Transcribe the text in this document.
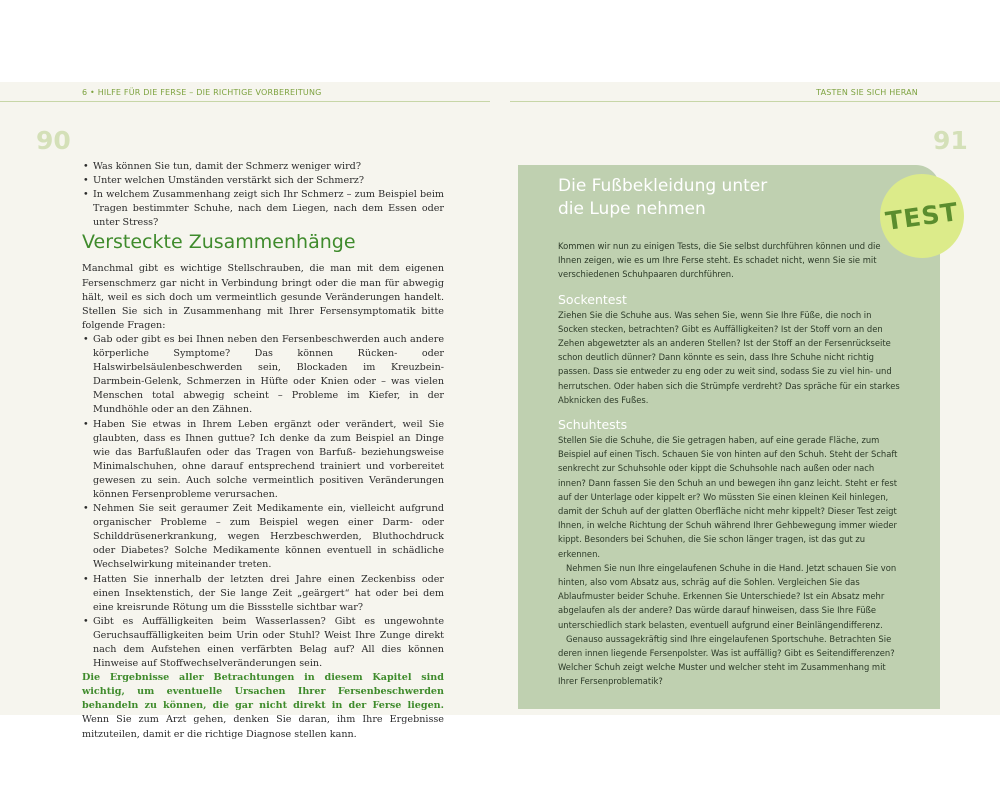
6 • HILFE FÜR DIE FERSE – DIE RICHTIGE VORBEREITUNG	TASTEN SIE SICH HERAN
90	91
• Was können Sie tun, damit der Schmerz weniger wird?
• Unter welchen Umständen verstärkt sich der Schmerz?
• In welchem Zusammenhang zeigt sich Ihr Schmerz – zum Beispiel beim Tragen bestimmter Schuhe, nach dem Liegen, nach dem Essen oder unter Stress?
Versteckte Zusammenhänge

Manchmal gibt es wichtige Stellschrauben, die man mit dem eigenen Fersenschmerz gar nicht in Verbindung bringt oder die man für abwegig hält, weil es sich doch um vermeintlich gesunde Veränderungen handelt. Stellen Sie sich in Zusammenhang mit Ihrer Fersensymptomatik bitte folgende Fragen:

• Gab oder gibt es bei Ihnen neben den Fersenbeschwerden auch andere körperliche Symptome? Das können Rücken- oder Halswirbelsäulenbeschwerden sein, Blockaden im Kreuzbein-Darmbein-Gelenk, Schmerzen in Hüfte oder Knien oder – was vielen Menschen total abwegig scheint – Probleme im Kiefer, in der Mundhöhle oder an den Zähnen.
• Haben Sie etwas in Ihrem Leben ergänzt oder verändert, weil Sie glaubten, dass es Ihnen guttue? Ich denke da zum Beispiel an Dinge wie das Barfußlaufen oder das Tragen von Barfuß- beziehungsweise Minimalschuhen, ohne darauf entsprechend trainiert und vorbereitet gewesen zu sein. Auch solche vermeintlich positiven Veränderungen können Fersenprobleme verursachen.
• Nehmen Sie seit geraumer Zeit Medikamente ein, vielleicht aufgrund organischer Probleme – zum Beispiel wegen einer Darm- oder Schilddrüsenerkrankung, wegen Herzbeschwerden, Bluthochdruck oder Diabetes? Solche Medikamente können eventuell in schädliche Wechselwirkung miteinander treten.
• Hatten Sie innerhalb der letzten drei Jahre einen Zeckenbiss oder einen Insektenstich, der Sie lange Zeit „geärgert“ hat oder bei dem eine kreisrunde Rötung um die Bissstelle sichtbar war?
• Gibt es Auffälligkeiten beim Wasserlassen? Gibt es ungewohnte Geruchsauffälligkeiten beim Urin oder Stuhl? Weist Ihre Zunge direkt nach dem Aufstehen einen verfärbten Belag auf? All dies können Hinweise auf Stoffwechselveränderungen sein.

Die Ergebnisse aller Betrachtungen in diesem Kapitel sind wichtig, um eventuelle Ursachen Ihrer Fersenbeschwerden behandeln zu können, die gar nicht direkt in der Ferse liegen. Wenn Sie zum Arzt gehen, denken Sie daran, ihm Ihre Ergebnisse mitzuteilen, damit er die richtige Diagnose stellen kann.

Die Fußbekleidung unter
die Lupe nehmen

Kommen wir nun zu einigen Tests, die Sie selbst durchführen können und die Ihnen zeigen, wie es um Ihre Ferse steht. Es schadet nicht, wenn Sie sie mit verschiedenen Schuhpaaren durchführen.

Sockentest

Ziehen Sie die Schuhe aus. Was sehen Sie, wenn Sie Ihre Füße, die noch in Socken stecken, betrachten? Gibt es Auffälligkeiten? Ist der Stoff vorn an den Zehen abgewetzter als an anderen Stellen? Ist der Stoff an der Fersenrückseite schon deutlich dünner? Dann könnte es sein, dass Ihre Schuhe nicht richtig passen. Dass sie entweder zu eng oder zu weit sind, sodass Sie zu viel hin- und herrutschen. Oder haben sich die Strümpfe verdreht? Das spräche für ein starkes Abknicken des Fußes.

Schuhtests

Stellen Sie die Schuhe, die Sie getragen haben, auf eine gerade Fläche, zum Beispiel auf einen Tisch. Schauen Sie von hinten auf den Schuh. Steht der Schaft senkrecht zur Schuhsohle oder kippt die Schuhsohle nach außen oder nach innen? Dann fassen Sie den Schuh an und bewegen ihn ganz leicht. Steht er fest auf der Unterlage oder kippelt er? Wo müssten Sie einen kleinen Keil hinlegen, damit der Schuh auf der glatten Oberfläche nicht mehr kippelt? Dieser Test zeigt Ihnen, in welche Richtung der Schuh während Ihrer Gehbewegung immer wieder kippt. Besonders bei Schuhen, die Sie schon länger tragen, ist das gut zu erkennen.

Nehmen Sie nun Ihre eingelaufenen Schuhe in die Hand. Jetzt schauen Sie von hinten, also vom Absatz aus, schräg auf die Sohlen. Vergleichen Sie das Ablaufmuster beider Schuhe. Erkennen Sie Unterschiede? Ist ein Absatz mehr abgelaufen als der andere? Das würde darauf hinweisen, dass Sie Ihre Füße unterschiedlich stark belasten, eventuell aufgrund einer Beinlängendifferenz.

Genauso aussagekräftig sind Ihre eingelaufenen Sportschuhe. Betrachten Sie deren innen liegende Fersenpolster. Was ist auffällig? Gibt es Seitendifferenzen? Welcher Schuh zeigt welche Muster und welcher steht im Zusammenhang mit Ihrer Fersenproblematik?

TEST
